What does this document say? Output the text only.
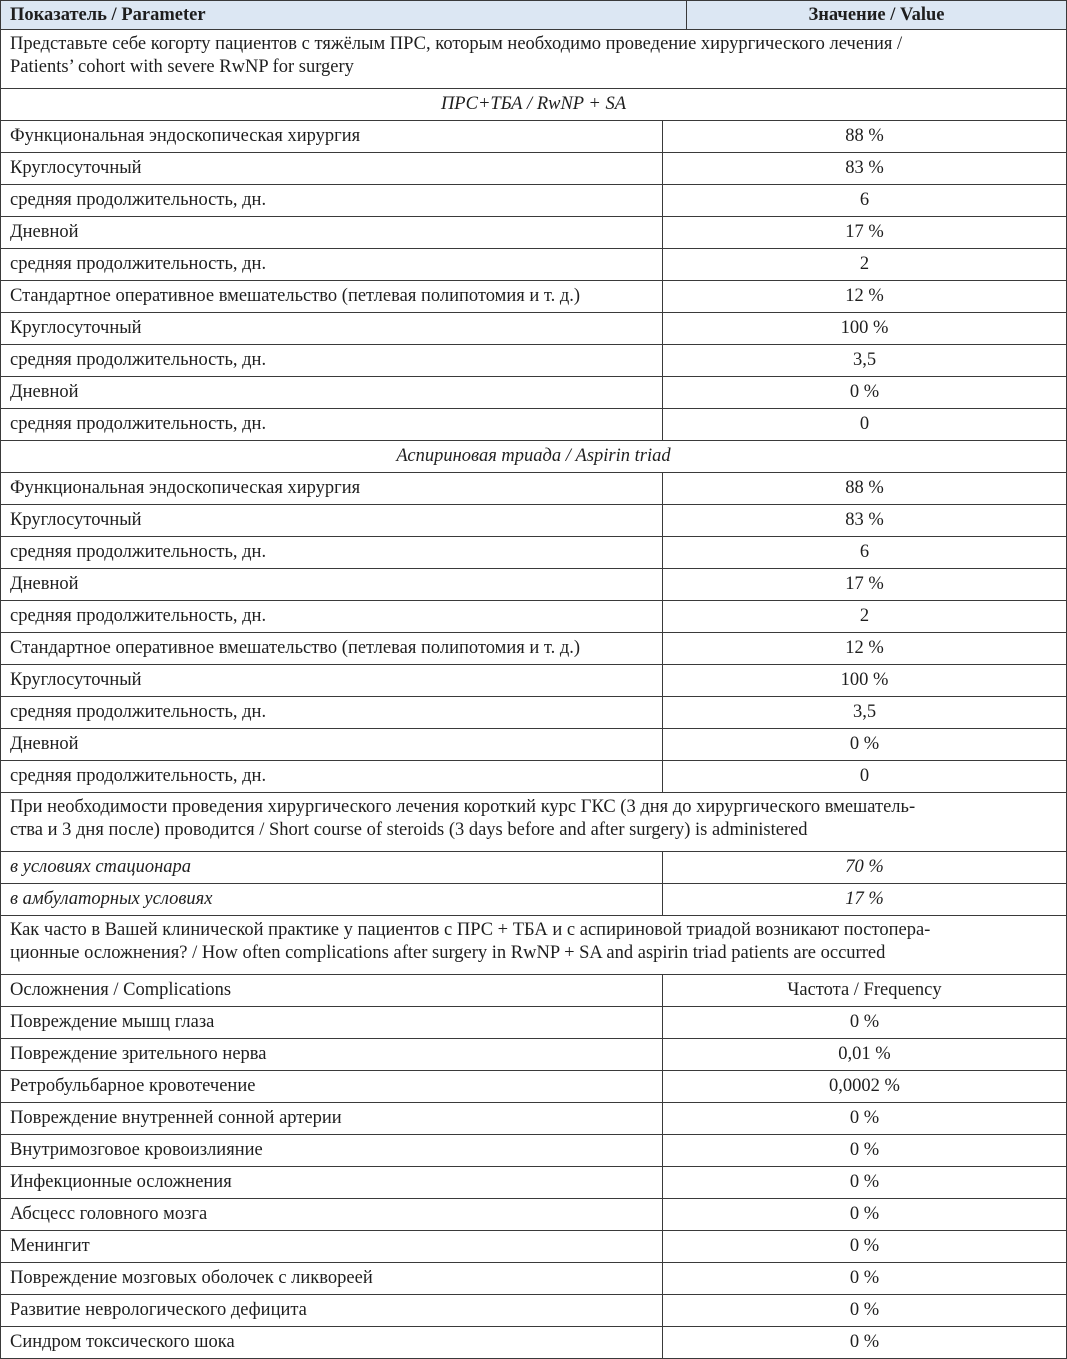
Показатель / Parameter	Значение / Value
Представьте себе когорту пациентов с тяжёлым ПРС, которым необходимо проведение хирургического лечения /
Patients’ cohort with severe RwNP for surgery
ПРС+ТБА / RwNP + SA
Функциональная эндоскопическая хирургия	88 %
Круглосуточный	83 %
средняя продолжительность, дн.	6
Дневной	17 %
средняя продолжительность, дн.	2
Стандартное оперативное вмешательство (петлевая полипотомия и т. д.)	12 %
Круглосуточный	100 %
средняя продолжительность, дн.	3,5
Дневной	0 %
средняя продолжительность, дн.	0
Аспириновая триада / Aspirin triad
Функциональная эндоскопическая хирургия	88 %
Круглосуточный	83 %
средняя продолжительность, дн.	6
Дневной	17 %
средняя продолжительность, дн.	2
Стандартное оперативное вмешательство (петлевая полипотомия и т. д.)	12 %
Круглосуточный	100 %
средняя продолжительность, дн.	3,5
Дневной	0 %
средняя продолжительность, дн.	0
При необходимости проведения хирургического лечения короткий курс ГКС (3 дня до хирургического вмешатель-
ства и 3 дня после) проводится / Short course of steroids (3 days before and after surgery) is administered
в условиях стационара	70 %
в амбулаторных условиях	17 %
Как часто в Вашей клинической практике у пациентов с ПРС + ТБА и с аспириновой триадой возникают постопера-
ционные осложнения? / How often complications after surgery in RwNP + SA and aspirin triad patients are occurred
Осложнения / Complications	Частота / Frequency
Повреждение мышц глаза	0 %
Повреждение зрительного нерва	0,01 %
Ретробульбарное кровотечение	0,0002 %
Повреждение внутренней сонной артерии	0 %
Внутримозговое кровоизлияние	0 %
Инфекционные осложнения	0 %
Абсцесс головного мозга	0 %
Менингит	0 %
Повреждение мозговых оболочек с ликвореей	0 %
Развитие неврологического дефицита	0 %
Синдром токсического шока	0 %
